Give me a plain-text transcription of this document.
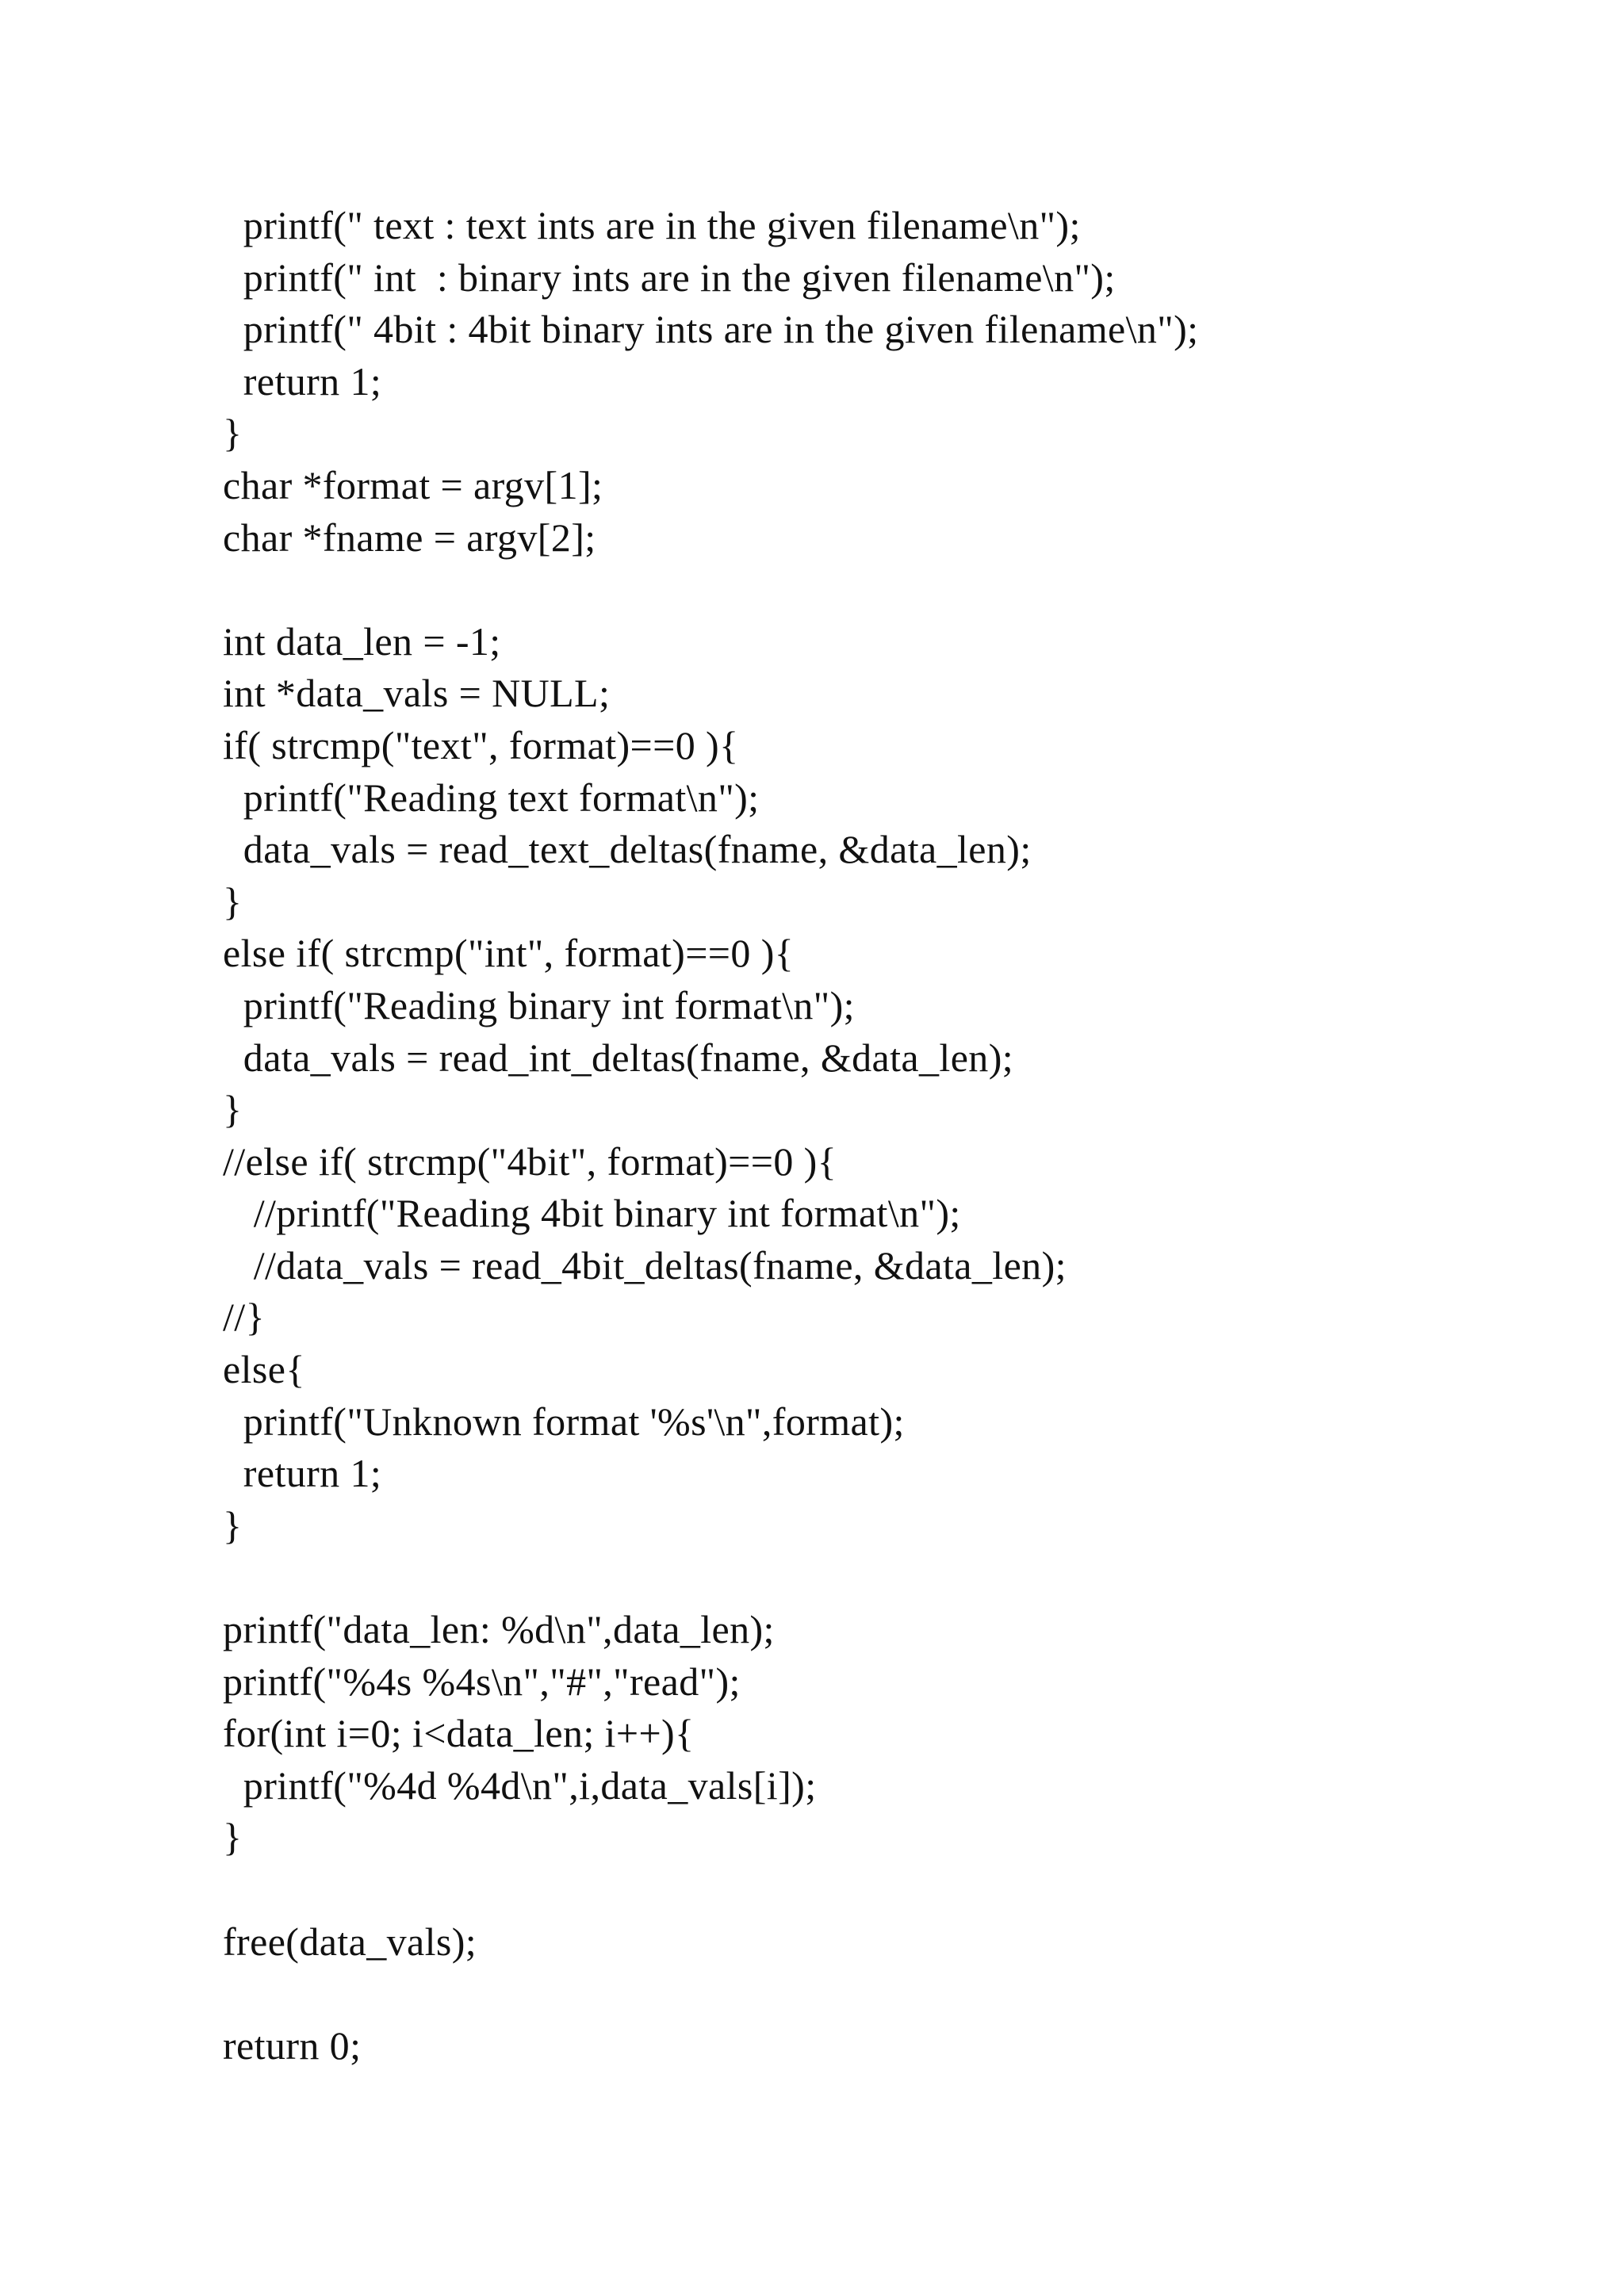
printf(" text : text ints are in the given filename\n");
printf(" int  : binary ints are in the given filename\n");
printf(" 4bit : 4bit binary ints are in the given filename\n");
return 1;
}
char *format = argv[1];
char *fname = argv[2];
int data_len = -1;
int *data_vals = NULL;
if( strcmp("text", format)==0 ){
printf("Reading text format\n");
data_vals = read_text_deltas(fname, &data_len);
}
else if( strcmp("int", format)==0 ){
printf("Reading binary int format\n");
data_vals = read_int_deltas(fname, &data_len);
}
//else if( strcmp("4bit", format)==0 ){
//printf("Reading 4bit binary int format\n");
//data_vals = read_4bit_deltas(fname, &data_len);
//}
else{
printf("Unknown format '%s'\n",format);
return 1;
}
printf("data_len: %d\n",data_len);
printf("%4s %4s\n","#","read");
for(int i=0; i<data_len; i++){
printf("%4d %4d\n",i,data_vals[i]);
}
free(data_vals);
return 0;
